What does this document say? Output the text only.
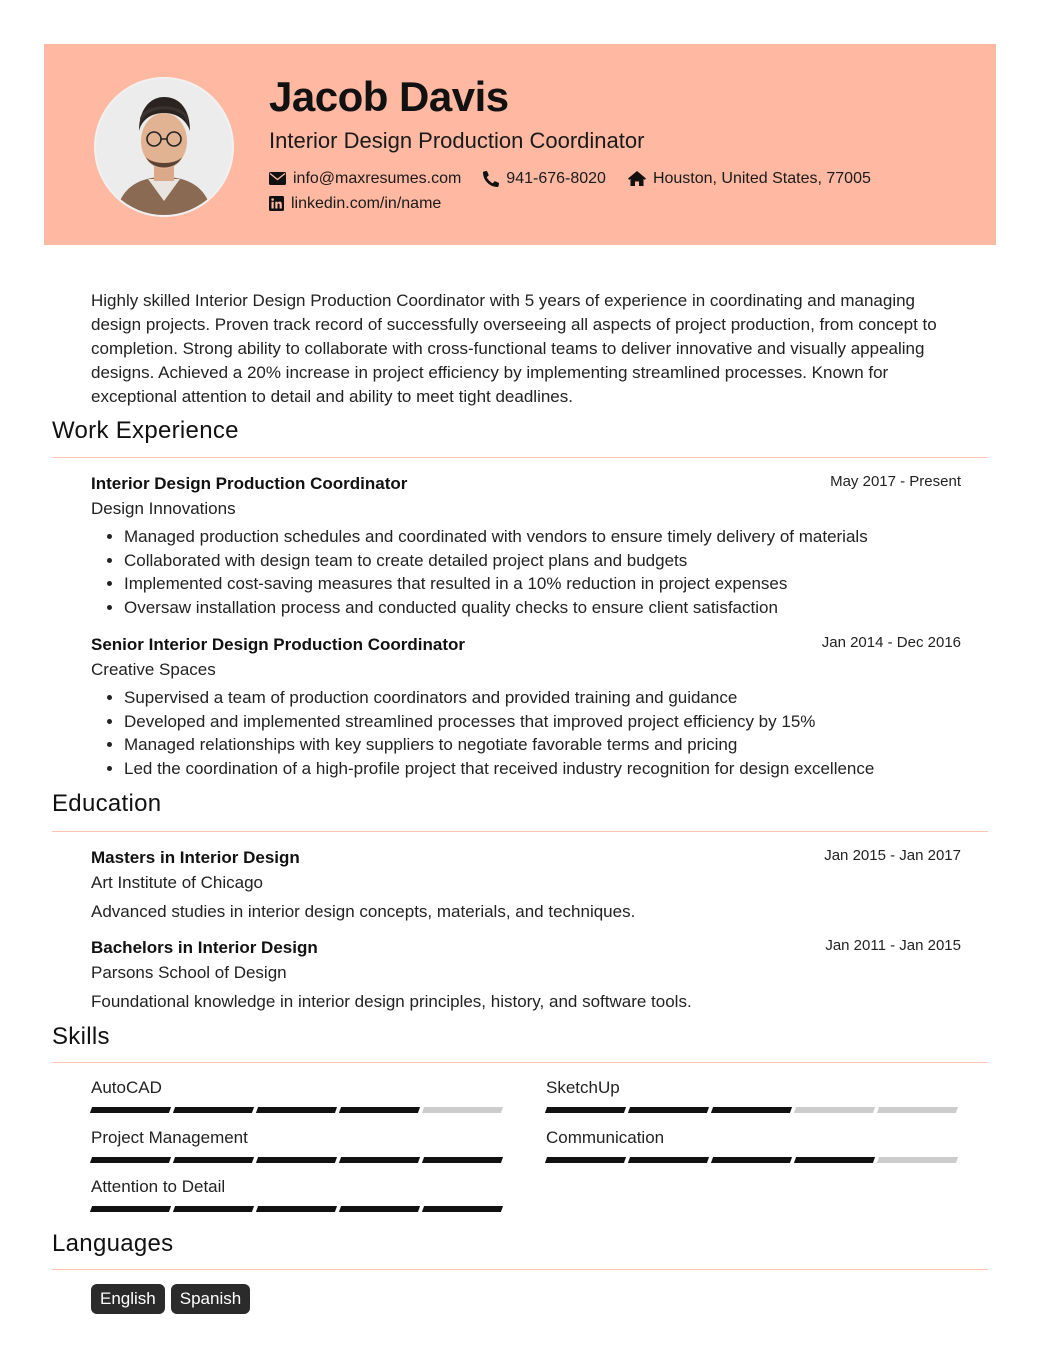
Jacob Davis

Interior Design Production Coordinator

info@maxresumes.com	941-676-8020	Houston, United States, 77005
linkedin.com/in/name

Highly skilled Interior Design Production Coordinator with 5 years of experience in coordinating and managing design projects. Proven track record of successfully overseeing all aspects of project production, from concept to completion. Strong ability to collaborate with cross-functional teams to deliver innovative and visually appealing designs. Achieved a 20% increase in project efficiency by implementing streamlined processes. Known for exceptional attention to detail and ability to meet tight deadlines.

Work Experience
Interior Design Production Coordinator	May 2017 - Present
Design Innovations
• Managed production schedules and coordinated with vendors to ensure timely delivery of materials
• Collaborated with design team to create detailed project plans and budgets
• Implemented cost-saving measures that resulted in a 10% reduction in project expenses
• Oversaw installation process and conducted quality checks to ensure client satisfaction
Senior Interior Design Production Coordinator	Jan 2014 - Dec 2016
Creative Spaces
• Supervised a team of production coordinators and provided training and guidance
• Developed and implemented streamlined processes that improved project efficiency by 15%
• Managed relationships with key suppliers to negotiate favorable terms and pricing
• Led the coordination of a high-profile project that received industry recognition for design excellence
Education
Masters in Interior Design	Jan 2015 - Jan 2017
Art Institute of Chicago
Advanced studies in interior design concepts, materials, and techniques.
Bachelors in Interior Design	Jan 2011 - Jan 2015
Parsons School of Design
Foundational knowledge in interior design principles, history, and software tools.
Skills
AutoCAD	SketchUp
Project Management	Communication
Attention to Detail
Languages
English	Spanish
